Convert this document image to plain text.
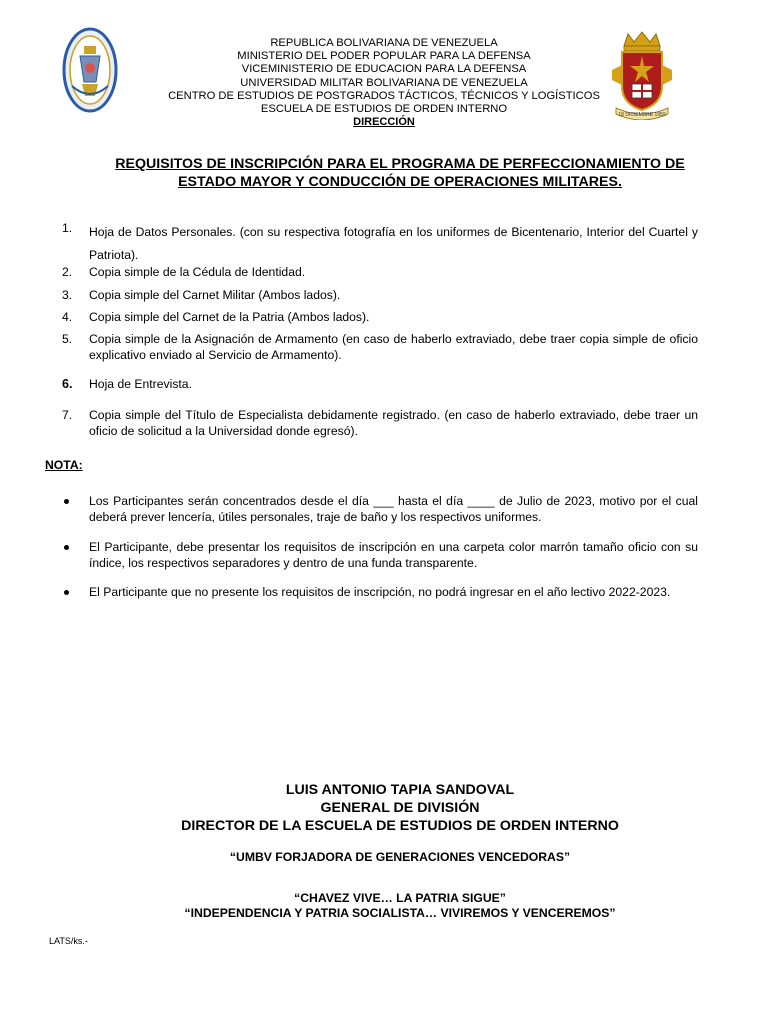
REPUBLICA BOLIVARIANA DE VENEZUELA
MINISTERIO DEL PODER POPULAR PARA LA DEFENSA
VICEMINISTERIO DE EDUCACION PARA LA DEFENSA
UNIVERSIDAD MILITAR BOLIVARIANA DE VENEZUELA
CENTRO DE ESTUDIOS DE POSTGRADOS TÁCTICOS, TÉCNICOS Y LOGÍSTICOS
ESCUELA DE ESTUDIOS DE ORDEN INTERNO
DIRECCIÓN
18 DICIEMBRE 1959
REQUISITOS DE INSCRIPCIÓN PARA EL PROGRAMA DE PERFECCIONAMIENTO DE
ESTADO MAYOR Y CONDUCCIÓN DE OPERACIONES MILITARES.
1.	Hoja de Datos Personales. (con su respectiva fotografía en los uniformes de Bicentenario, Interior del Cuartel y Patriota).
2.	Copia simple de la Cédula de Identidad.
3.	Copia simple del Carnet Militar (Ambos lados).
4.	Copia simple del Carnet de la Patria (Ambos lados).
5.	Copia simple de la Asignación de Armamento (en caso de haberlo extraviado, debe traer copia simple de oficio explicativo enviado al Servicio de Armamento).
6.	Hoja de Entrevista.
7.	Copia simple del Título de Especialista debidamente registrado. (en caso de haberlo extraviado, debe traer un oficio de solicitud a la Universidad donde egresó).
NOTA:
Los Participantes serán concentrados desde el día ___ hasta el día ____ de Julio de 2023, motivo por el cual deberá prever lencería, útiles personales, traje de baño y los respectivos uniformes.
El Participante, debe presentar los requisitos de inscripción en una carpeta color marrón tamaño oficio con su índice, los respectivos separadores y dentro de una funda transparente.
El Participante que no presente los requisitos de inscripción, no podrá ingresar en el año lectivo 2022-2023.
LUIS ANTONIO TAPIA SANDOVAL
GENERAL DE DIVISIÓN
DIRECTOR DE LA ESCUELA DE ESTUDIOS DE ORDEN INTERNO
“UMBV FORJADORA DE GENERACIONES VENCEDORAS”
“CHAVEZ VIVE… LA PATRIA SIGUE”
“INDEPENDENCIA Y PATRIA SOCIALISTA… VIVIREMOS Y VENCEREMOS”
LATS/ks.-
